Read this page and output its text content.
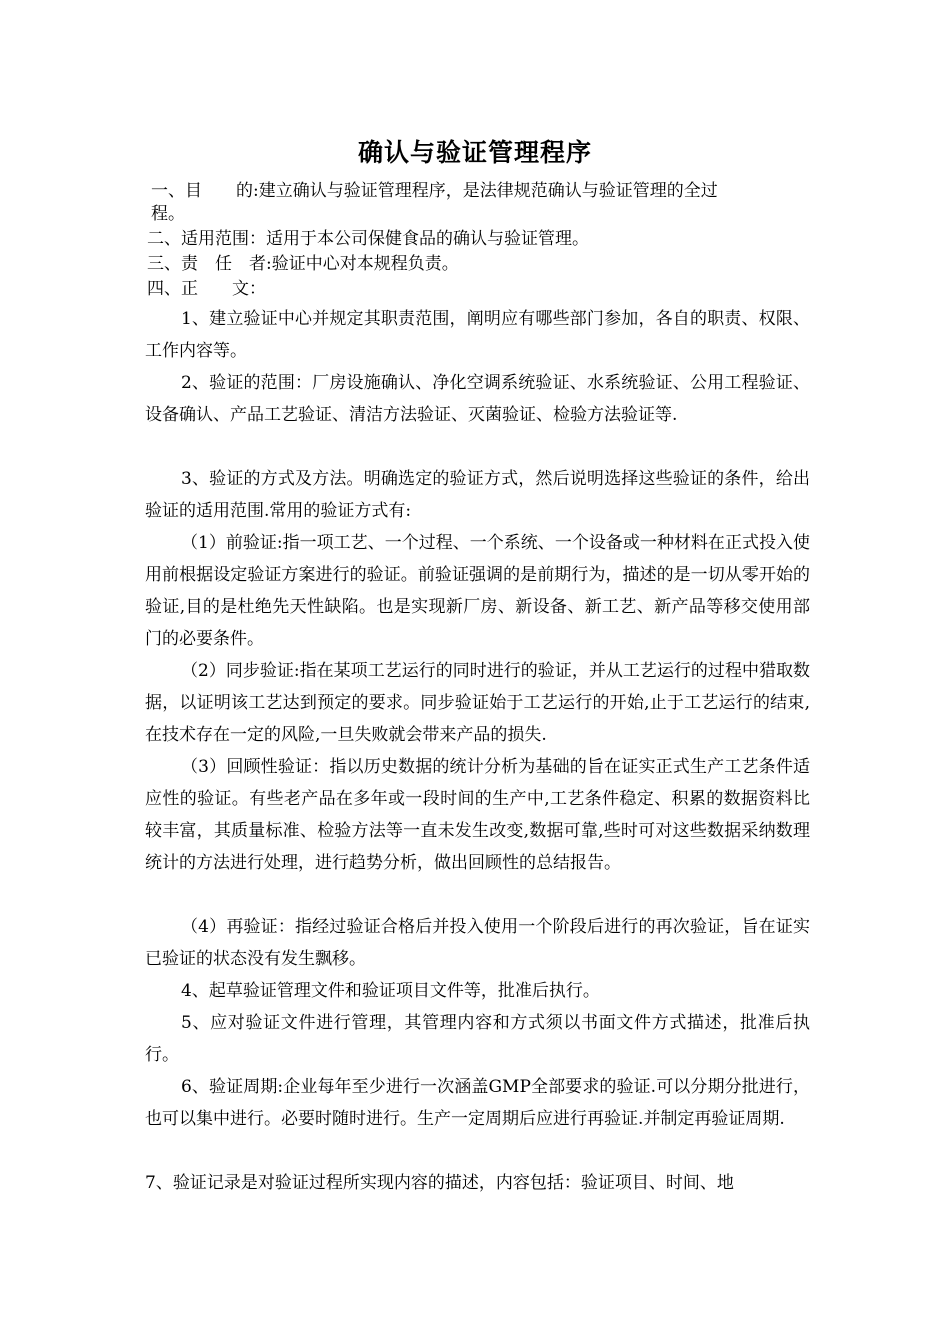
确认与验证管理程序
一、目　　的:建立确认与验证管理程序，是法律规范确认与验证管理的全过
程。
二、适用范围：适用于本公司保健食品的确认与验证管理。
三、责　任　者:验证中心对本规程负责。
四、正　　文：
1、建立验证中心并规定其职责范围，阐明应有哪些部门参加，各自的职责、权限、工作内容等。
2、验证的范围：厂房设施确认、净化空调系统验证、水系统验证、公用工程验证、设备确认、产品工艺验证、清洁方法验证、灭菌验证、检验方法验证等.
3、验证的方式及方法。明确选定的验证方式，然后说明选择这些验证的条件，给出验证的适用范围.常用的验证方式有:
（1）前验证:指一项工艺、一个过程、一个系统、一个设备或一种材料在正式投入使用前根据设定验证方案进行的验证。前验证强调的是前期行为，描述的是一切从零开始的验证,目的是杜绝先天性缺陷。也是实现新厂房、新设备、新工艺、新产品等移交使用部门的必要条件。
（2）同步验证:指在某项工艺运行的同时进行的验证，并从工艺运行的过程中猎取数据，以证明该工艺达到预定的要求。同步验证始于工艺运行的开始,止于工艺运行的结束,在技术存在一定的风险,一旦失败就会带来产品的损失.
（3）回顾性验证：指以历史数据的统计分析为基础的旨在证实正式生产工艺条件适应性的验证。有些老产品在多年或一段时间的生产中,工艺条件稳定、积累的数据资料比较丰富，其质量标准、检验方法等一直未发生改变,数据可靠,些时可对这些数据采纳数理统计的方法进行处理，进行趋势分析，做出回顾性的总结报告。
（4）再验证：指经过验证合格后并投入使用一个阶段后进行的再次验证，旨在证实已验证的状态没有发生飘移。
4、起草验证管理文件和验证项目文件等，批准后执行。
5、应对验证文件进行管理，其管理内容和方式须以书面文件方式描述，批准后执行。
6、验证周期:企业每年至少进行一次涵盖GMP全部要求的验证.可以分期分批进行，也可以集中进行。必要时随时进行。生产一定周期后应进行再验证.并制定再验证周期.
7、验证记录是对验证过程所实现内容的描述，内容包括：验证项目、时间、地
